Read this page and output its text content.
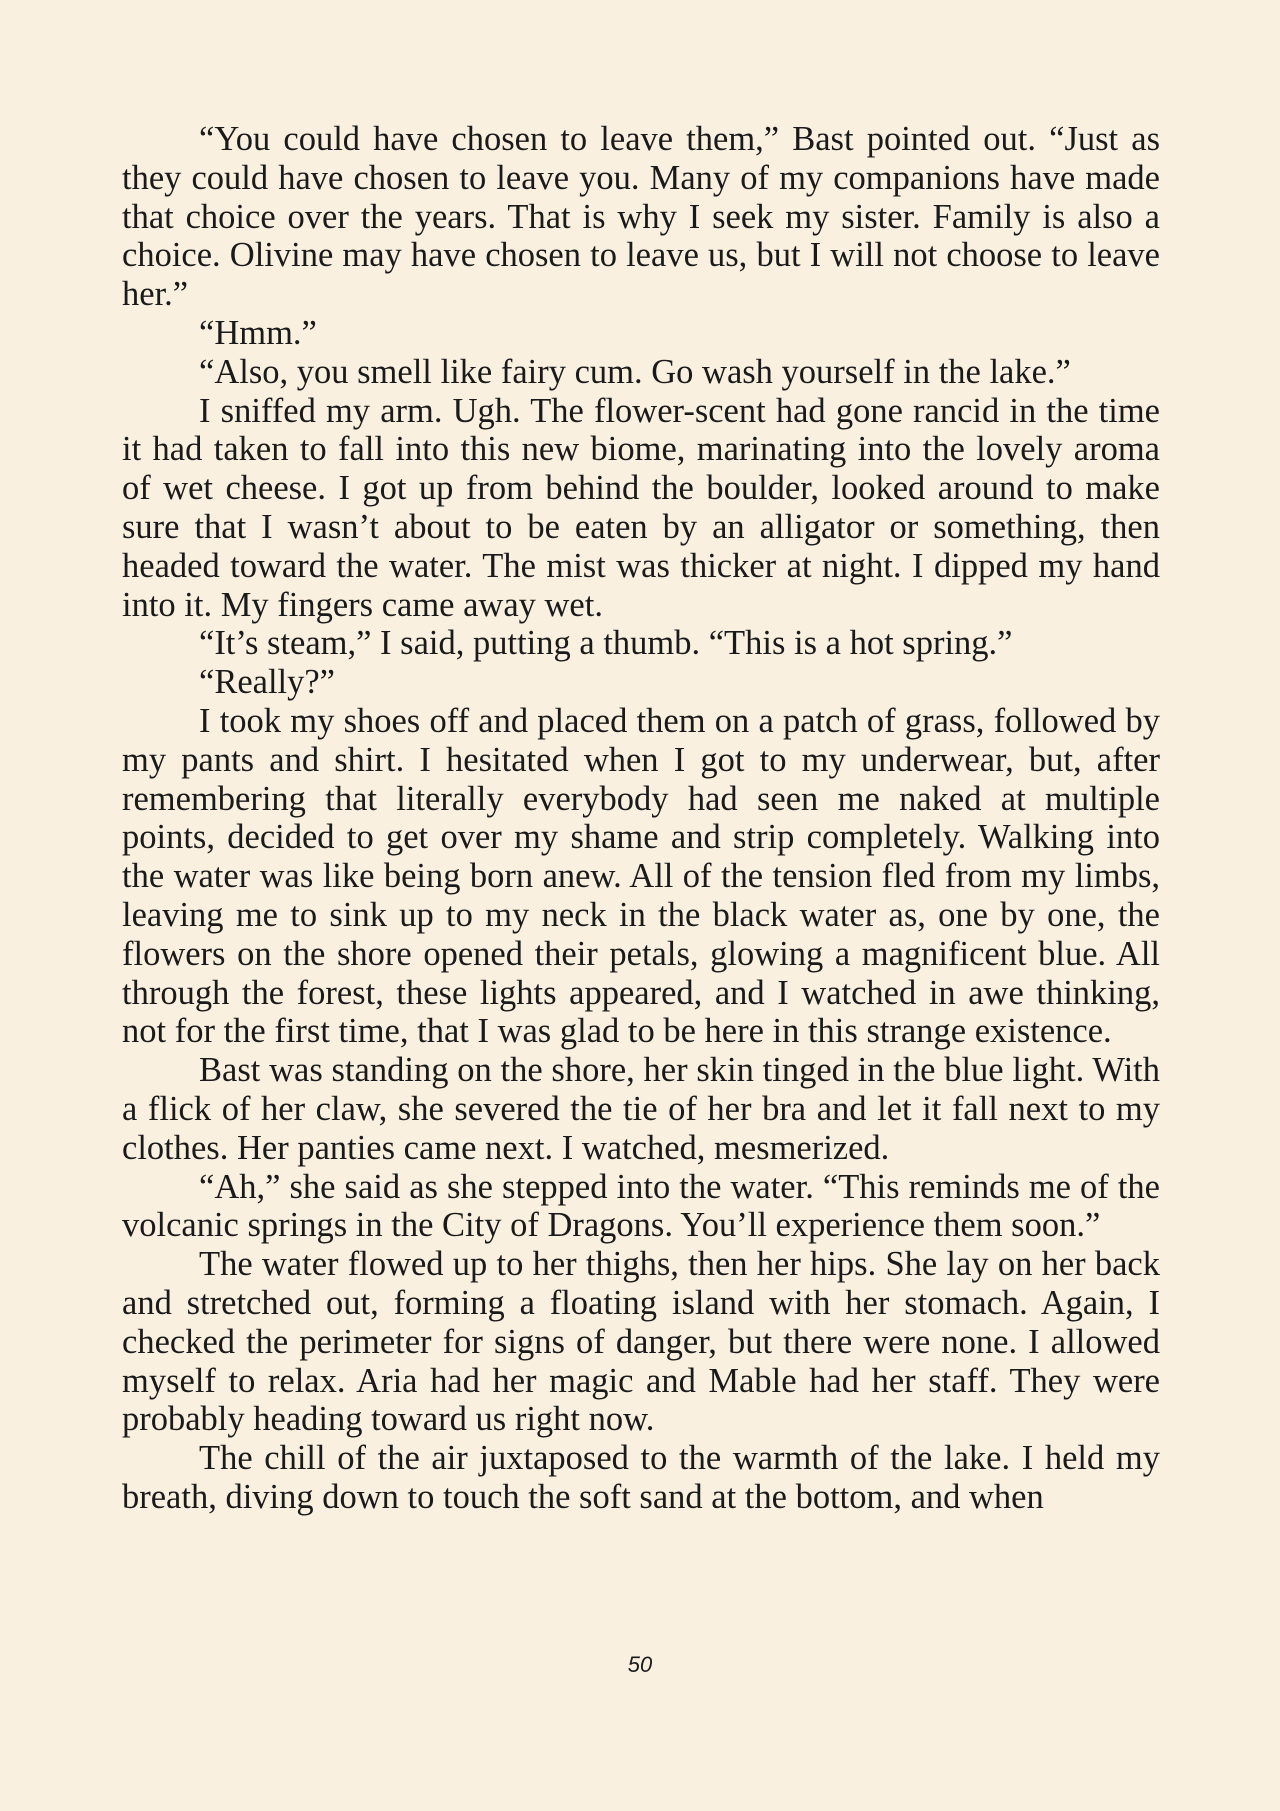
“You could have chosen to leave them,” Bast pointed out. “Just as they could have chosen to leave you. Many of my companions have made that choice over the years. That is why I seek my sister. Family is also a choice. Olivine may have chosen to leave us, but I will not choose to leave her.”

“Hmm.”

“Also, you smell like fairy cum. Go wash yourself in the lake.”

I sniffed my arm. Ugh. The flower-scent had gone rancid in the time it had taken to fall into this new biome, marinating into the lovely aroma of wet cheese. I got up from behind the boulder, looked around to make sure that I wasn’t about to be eaten by an alligator or something, then headed toward the water. The mist was thicker at night. I dipped my hand into it. My fingers came away wet.

“It’s steam,” I said, putting a thumb. “This is a hot spring.”

“Really?”

I took my shoes off and placed them on a patch of grass, followed by my pants and shirt. I hesitated when I got to my underwear, but, after remembering that literally everybody had seen me naked at multiple points, decided to get over my shame and strip completely. Walking into the water was like being born anew. All of the tension fled from my limbs, leaving me to sink up to my neck in the black water as, one by one, the flowers on the shore opened their petals, glowing a magnificent blue. All through the forest, these lights appeared, and I watched in awe thinking, not for the first time, that I was glad to be here in this strange existence.

Bast was standing on the shore, her skin tinged in the blue light. With a flick of her claw, she severed the tie of her bra and let it fall next to my clothes. Her panties came next. I watched, mesmerized.

“Ah,” she said as she stepped into the water. “This reminds me of the volcanic springs in the City of Dragons. You’ll experience them soon.”

The water flowed up to her thighs, then her hips. She lay on her back and stretched out, forming a floating island with her stomach. Again, I checked the perimeter for signs of danger, but there were none. I allowed myself to relax. Aria had her magic and Mable had her staff. They were probably heading toward us right now.

The chill of the air juxtaposed to the warmth of the lake. I held my breath, diving down to touch the soft sand at the bottom, and when

50
